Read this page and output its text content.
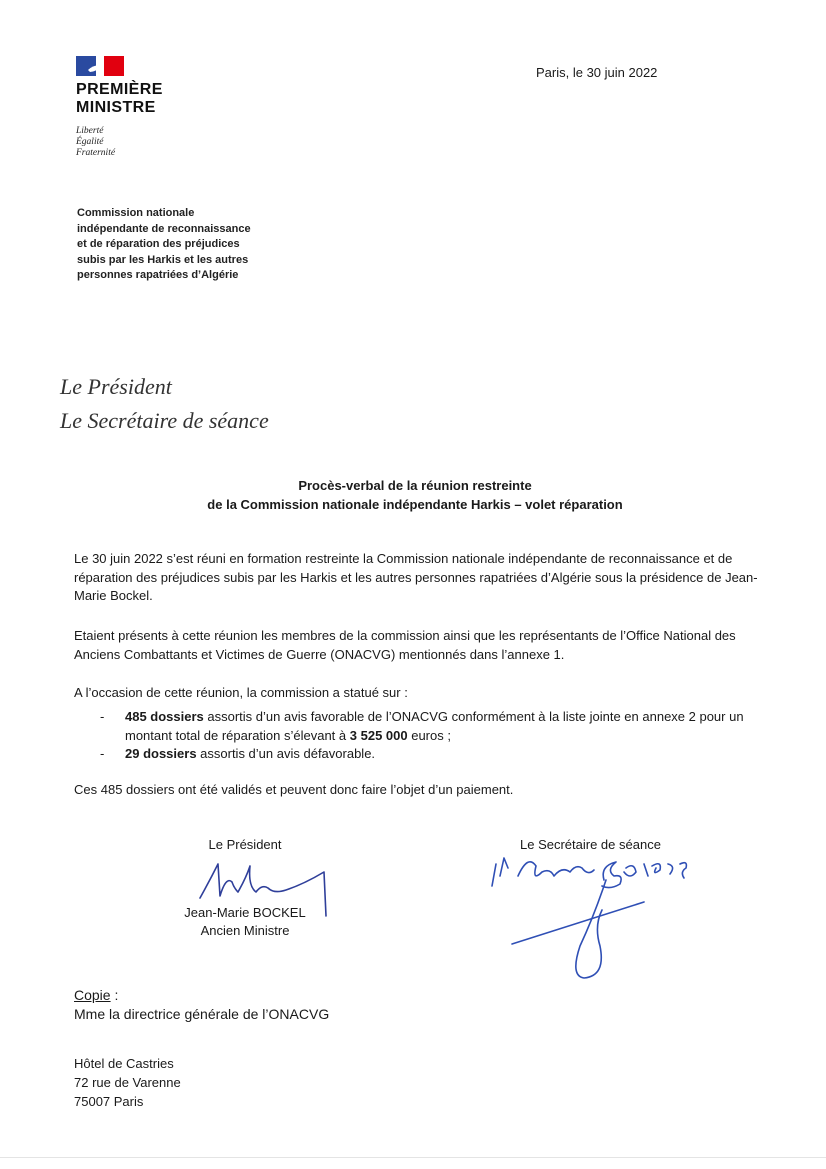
PREMIÈRE
MINISTRE
Liberté
Égalité
Fraternité
Paris, le 30 juin 2022
Commission nationale indépendante de reconnaissance et de réparation des préjudices subis par les Harkis et les autres personnes rapatriées d’Algérie
Le Président
Le Secrétaire de séance
Procès-verbal de la réunion restreinte
de la Commission nationale indépendante Harkis – volet réparation
Le 30 juin 2022 s’est réuni en formation restreinte la Commission nationale indépendante de reconnaissance et de réparation des préjudices subis par les Harkis et les autres personnes rapatriées d’Algérie sous la présidence de Jean-Marie Bockel.
Etaient présents à cette réunion les membres de la commission ainsi que les représentants de l’Office National des Anciens Combattants et Victimes de Guerre (ONACVG) mentionnés dans l’annexe 1.
A l’occasion de cette réunion, la commission a statué sur :

- 485 dossiers assortis d’un avis favorable de l’ONACVG conformément à la liste jointe en annexe 2 pour un montant total de réparation s’élevant à 3 525 000 euros ;

- 29 dossiers assortis d’un avis défavorable.

Ces 485 dossiers ont été validés et peuvent donc faire l’objet d’un paiement.
Le Président
Jean-Marie BOCKEL
Ancien Ministre
Le Secrétaire de séance
Copie :
Mme la directrice générale de l’ONACVG
Hôtel de Castries
72 rue de Varenne
75007 Paris
